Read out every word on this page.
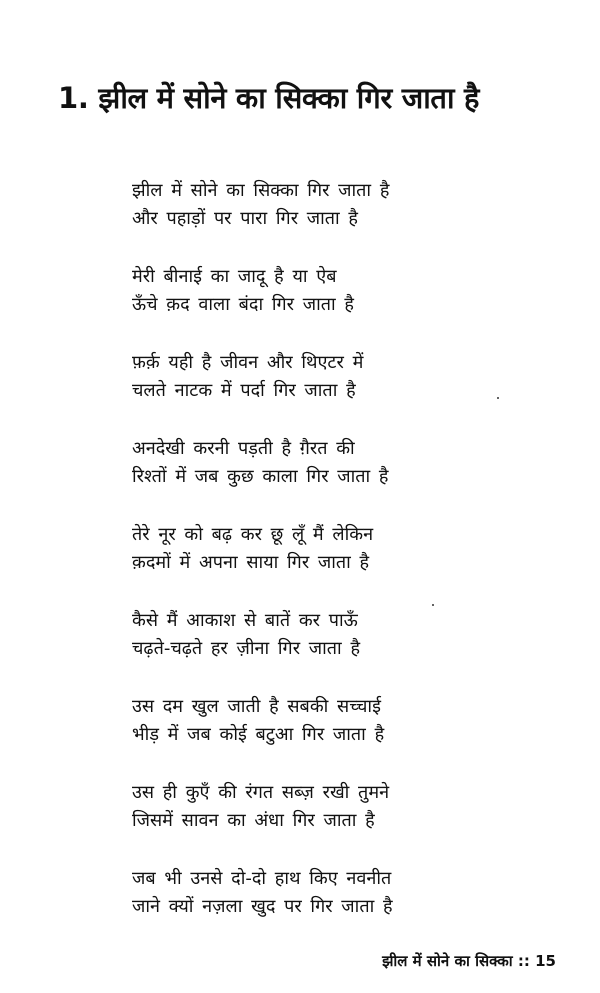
1. झील में सोने का सिक्का गिर जाता है
झील में सोने का सिक्का गिर जाता है
और पहाड़ों पर पारा गिर जाता है
मेरी बीनाई का जादू है या ऐब
ऊँचे क़द वाला बंदा गिर जाता है
फ़र्क़ यही है जीवन और थिएटर में
चलते नाटक में पर्दा गिर जाता है
अनदेखी करनी पड़ती है ग़ैरत की
रिश्तों में जब कुछ काला गिर जाता है
तेरे नूर को बढ़ कर छू लूँ मैं लेकिन
क़दमों में अपना साया गिर जाता है
कैसे मैं आकाश से बातें कर पाऊँ
चढ़ते-चढ़ते हर ज़ीना गिर जाता है
उस दम खुल जाती है सबकी सच्चाई
भीड़ में जब कोई बटुआ गिर जाता है
उस ही कुएँ की रंगत सब्ज़ रखी तुमने
जिसमें सावन का अंधा गिर जाता है
जब भी उनसे दो-दो हाथ किए नवनीत
जाने क्यों नज़ला खुद पर गिर जाता है
झील में सोने का सिक्का :: 15
